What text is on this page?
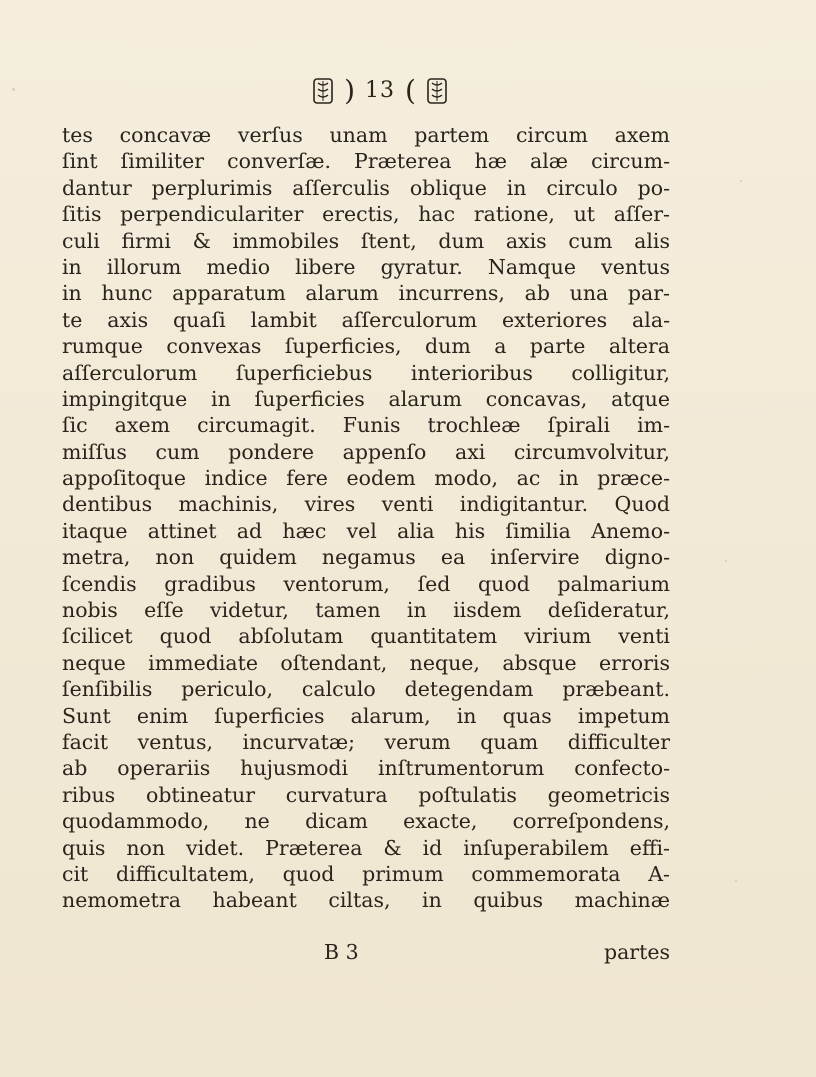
) 13 (
tes concavæ verſus unam partem circum axem
ſint ſimiliter converſæ. Præterea hæ alæ circum-
dantur perplurimis aſſerculis oblique in circulo po-
ſitis perpendiculariter erectis, hac ratione, ut aſſer-
culi firmi & immobiles ſtent, dum axis cum alis
in illorum medio libere gyratur. Namque ventus
in hunc apparatum alarum incurrens, ab una par-
te axis quaſi lambit aſſerculorum exteriores ala-
rumque convexas ſuperficies, dum a parte altera
aſſerculorum ſuperficiebus interioribus colligitur,
impingitque in ſuperficies alarum concavas, atque
ſic axem circumagit. Funis trochleæ ſpirali im-
miſſus cum pondere appenſo axi circumvolvitur,
appoſitoque indice fere eodem modo, ac in præce-
dentibus machinis, vires venti indigitantur. Quod
itaque attinet ad hæc vel alia his ſimilia Anemo-
metra, non quidem negamus ea inſervire digno-
ſcendis gradibus ventorum, ſed quod palmarium
nobis eſſe videtur, tamen in iisdem deſideratur,
ſcilicet quod abſolutam quantitatem virium venti
neque immediate oſtendant, neque, absque erroris
ſenſibilis periculo, calculo detegendam præbeant.
Sunt enim ſuperficies alarum, in quas impetum
facit ventus, incurvatæ; verum quam difficulter
ab operariis hujusmodi inſtrumentorum confecto-
ribus obtineatur curvatura poſtulatis geometricis
quodammodo, ne dicam exacte, correſpondens,
quis non videt. Præterea & id inſuperabilem effi-
cit difficultatem, quod primum commemorata A-
nemometra habeant ciltas, in quibus machinæ
B 3	partes
